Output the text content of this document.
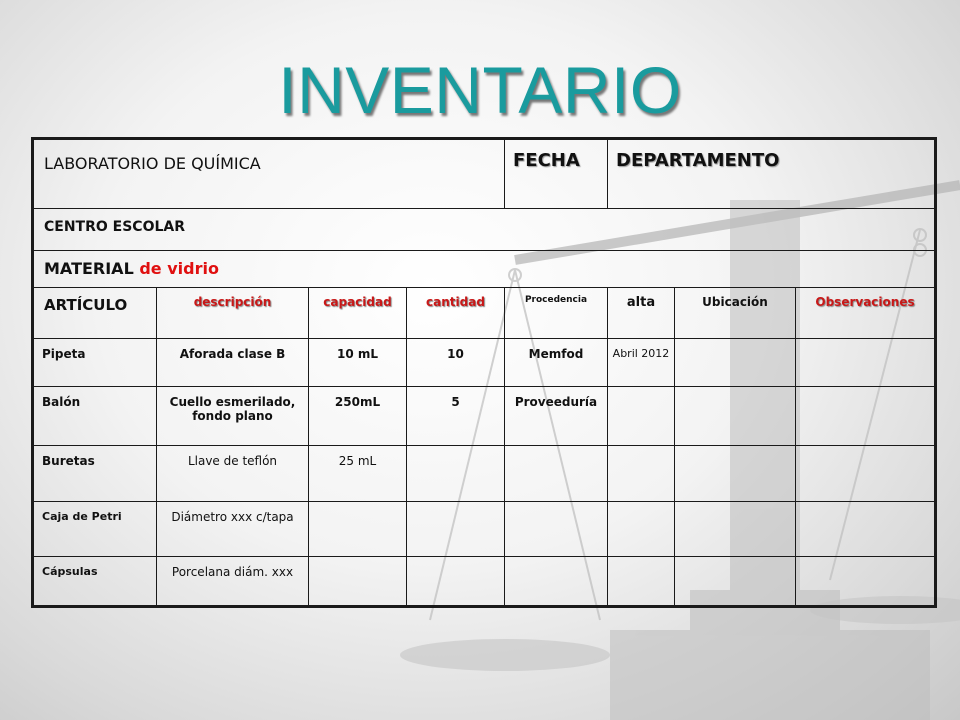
INVENTARIO
LABORATORIO DE QUÍMICA				FECHA	DEPARTAMENTO		
CENTRO ESCOLAR							
MATERIAL de vidrio							
ARTÍCULO	descripción	capacidad	cantidad	Procedencia	alta	Ubicación	Observaciones
Pipeta	Aforada clase B	10 mL	10	Memfod	Abril 2012		
Balón	Cuello esmerilado, fondo plano	250mL	5	Proveeduría			
Buretas	Llave de teflón	25 mL					
Caja de Petri	Diámetro xxx c/tapa						
Cápsulas	Porcelana diám. xxx						
